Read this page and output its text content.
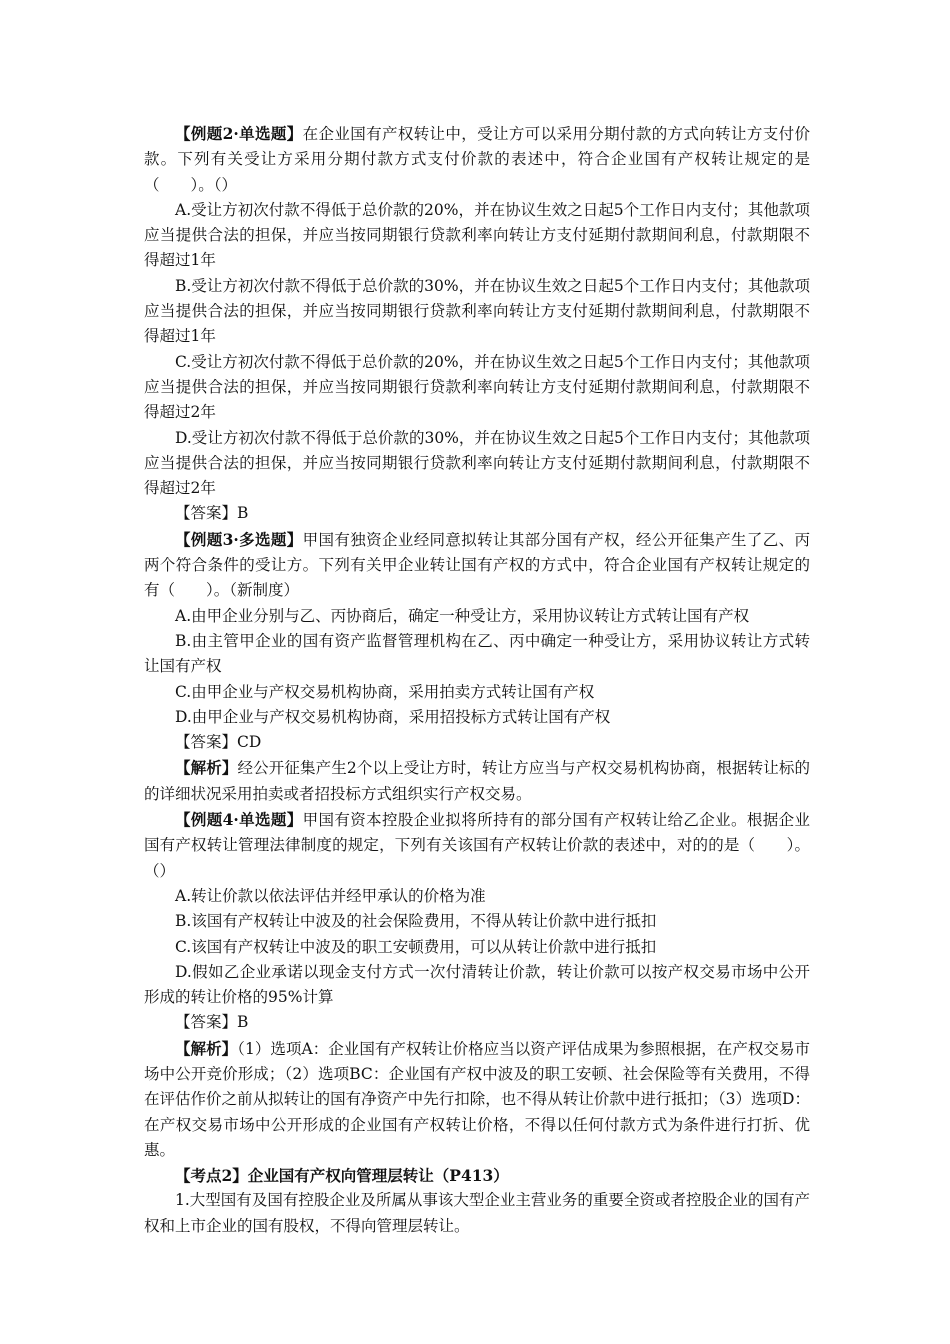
【例题2·单选题】在企业国有产权转让中，受让方可以采用分期付款的方式向转让方支付价款。下列有关受让方采用分期付款方式支付价款的表述中，符合企业国有产权转让规定的是（　　）。（）

A.受让方初次付款不得低于总价款的20%，并在协议生效之日起5个工作日内支付；其他款项应当提供合法的担保，并应当按同期银行贷款利率向转让方支付延期付款期间利息，付款期限不得超过1年

B.受让方初次付款不得低于总价款的30%，并在协议生效之日起5个工作日内支付；其他款项应当提供合法的担保，并应当按同期银行贷款利率向转让方支付延期付款期间利息，付款期限不得超过1年

C.受让方初次付款不得低于总价款的20%，并在协议生效之日起5个工作日内支付；其他款项应当提供合法的担保，并应当按同期银行贷款利率向转让方支付延期付款期间利息，付款期限不得超过2年

D.受让方初次付款不得低于总价款的30%，并在协议生效之日起5个工作日内支付；其他款项应当提供合法的担保，并应当按同期银行贷款利率向转让方支付延期付款期间利息，付款期限不得超过2年

【答案】B

【例题3·多选题】甲国有独资企业经同意拟转让其部分国有产权，经公开征集产生了乙、丙两个符合条件的受让方。下列有关甲企业转让国有产权的方式中，符合企业国有产权转让规定的有（　　）。（新制度）

A.由甲企业分别与乙、丙协商后，确定一种受让方，采用协议转让方式转让国有产权

B.由主管甲企业的国有资产监督管理机构在乙、丙中确定一种受让方，采用协议转让方式转让国有产权

C.由甲企业与产权交易机构协商，采用拍卖方式转让国有产权

D.由甲企业与产权交易机构协商，采用招投标方式转让国有产权

【答案】CD

【解析】经公开征集产生2个以上受让方时，转让方应当与产权交易机构协商，根据转让标的的详细状况采用拍卖或者招投标方式组织实行产权交易。

【例题4·单选题】甲国有资本控股企业拟将所持有的部分国有产权转让给乙企业。根据企业国有产权转让管理法律制度的规定，下列有关该国有产权转让价款的表述中，对的的是（　　）。（）

A.转让价款以依法评估并经甲承认的价格为准

B.该国有产权转让中波及的社会保险费用，不得从转让价款中进行抵扣

C.该国有产权转让中波及的职工安顿费用，可以从转让价款中进行抵扣

D.假如乙企业承诺以现金支付方式一次付清转让价款，转让价款可以按产权交易市场中公开形成的转让价格的95%计算

【答案】B

【解析】（1）选项A：企业国有产权转让价格应当以资产评估成果为参照根据，在产权交易市场中公开竞价形成；（2）选项BC：企业国有产权中波及的职工安顿、社会保险等有关费用，不得在评估作价之前从拟转让的国有净资产中先行扣除，也不得从转让价款中进行抵扣；（3）选项D：在产权交易市场中公开形成的企业国有产权转让价格，不得以任何付款方式为条件进行打折、优惠。

【考点2】企业国有产权向管理层转让（P413）

1.大型国有及国有控股企业及所属从事该大型企业主营业务的重要全资或者控股企业的国有产权和上市企业的国有股权，不得向管理层转让。
